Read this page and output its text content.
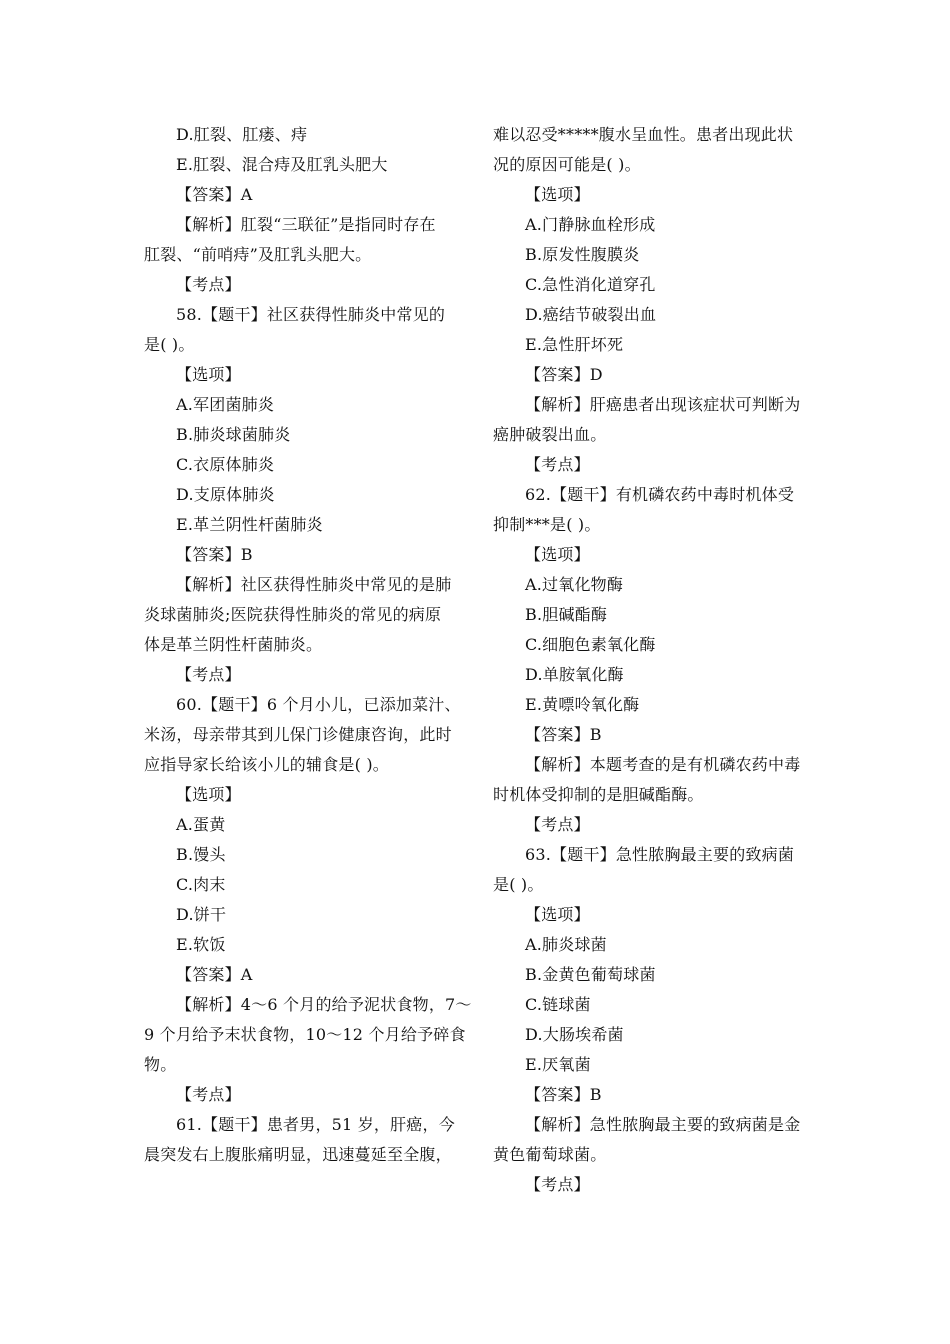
D.肛裂、肛瘘、痔
E.肛裂、混合痔及肛乳头肥大
【答案】A
【解析】肛裂“三联征”是指同时存在
肛裂、“前哨痔”及肛乳头肥大。
【考点】
58.【题干】社区获得性肺炎中常见的
是( )。
【选项】
A.军团菌肺炎
B.肺炎球菌肺炎
C.衣原体肺炎
D.支原体肺炎
E.革兰阴性杆菌肺炎
【答案】B
【解析】社区获得性肺炎中常见的是肺
炎球菌肺炎;医院获得性肺炎的常见的病原
体是革兰阴性杆菌肺炎。
【考点】
60.【题干】6 个月小儿，已添加菜汁、
米汤，母亲带其到儿保门诊健康咨询，此时
应指导家长给该小儿的辅食是( )。
【选项】
A.蛋黄
B.馒头
C.肉末
D.饼干
E.软饭
【答案】A
【解析】4～6 个月的给予泥状食物，7～
9 个月给予末状食物，10～12 个月给予碎食
物。
【考点】
61.【题干】患者男，51 岁，肝癌，今
晨突发右上腹胀痛明显，迅速蔓延至全腹，
难以忍受*****腹水呈血性。患者出现此状
况的原因可能是( )。
【选项】
A.门静脉血栓形成
B.原发性腹膜炎
C.急性消化道穿孔
D.癌结节破裂出血
E.急性肝坏死
【答案】D
【解析】肝癌患者出现该症状可判断为
癌肿破裂出血。
【考点】
62.【题干】有机磷农药中毒时机体受
抑制***是( )。
【选项】
A.过氧化物酶
B.胆碱酯酶
C.细胞色素氧化酶
D.单胺氧化酶
E.黄嘌呤氧化酶
【答案】B
【解析】本题考查的是有机磷农药中毒
时机体受抑制的是胆碱酯酶。
【考点】
63.【题干】急性脓胸最主要的致病菌
是( )。
【选项】
A.肺炎球菌
B.金黄色葡萄球菌
C.链球菌
D.大肠埃希菌
E.厌氧菌
【答案】B
【解析】急性脓胸最主要的致病菌是金
黄色葡萄球菌。
【考点】
